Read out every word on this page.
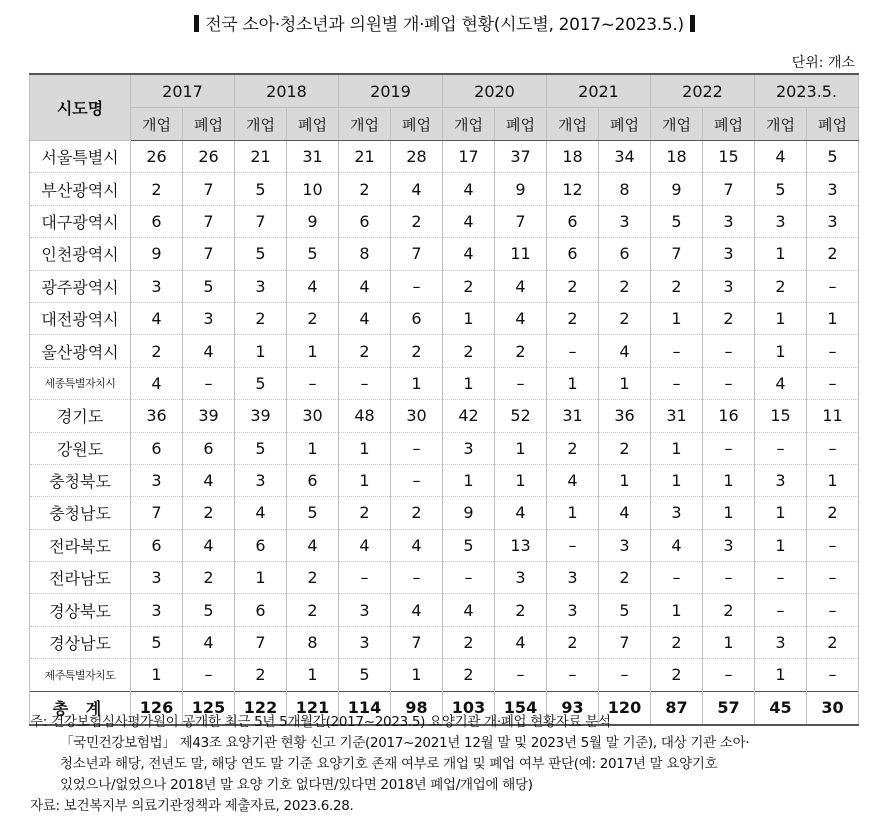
전국 소아·청소년과 의원별 개·폐업 현황(시도별, 2017~2023.5.)
단위: 개소
시도명	2017		2018		2019		2020		2021		2022		2023.5.	
	개업	폐업	개업	폐업	개업	폐업	개업	폐업	개업	폐업	개업	폐업	개업	폐업
서울특별시	26	26	21	31	21	28	17	37	18	34	18	15	4	5
부산광역시	2	7	5	10	2	4	4	9	12	8	9	7	5	3
대구광역시	6	7	7	9	6	2	4	7	6	3	5	3	3	3
인천광역시	9	7	5	5	8	7	4	11	6	6	7	3	1	2
광주광역시	3	5	3	4	4	–	2	4	2	2	2	3	2	–
대전광역시	4	3	2	2	4	6	1	4	2	2	1	2	1	1
울산광역시	2	4	1	1	2	2	2	2	–	4	–	–	1	–
세종특별자치시	4	–	5	–	–	1	1	–	1	1	–	–	4	–
경기도	36	39	39	30	48	30	42	52	31	36	31	16	15	11
강원도	6	6	5	1	1	–	3	1	2	2	1	–	–	–
충청북도	3	4	3	6	1	–	1	1	4	1	1	1	3	1
충청남도	7	2	4	5	2	2	9	4	1	4	3	1	1	2
전라북도	6	4	6	4	4	4	5	13	–	3	4	3	1	–
전라남도	3	2	1	2	–	–	–	3	3	2	–	–	–	–
경상북도	3	5	6	2	3	4	4	2	3	5	1	2	–	–
경상남도	5	4	7	8	3	7	2	4	2	7	2	1	3	2
제주특별자치도	1	–	2	1	5	1	2	–	–	–	2	–	1	–
총 계	126	125	122	121	114	98	103	154	93	120	87	57	45	30
주: 건강보험심사평가원이 공개한 최근 5년 5개월간(2017~2023.5) 요양기관 개·폐업 현황자료 분석
「국민건강보험법」 제43조 요양기관 현황 신고 기준(2017~2021년 12월 말 및 2023년 5월 말 기준), 대상 기관 소아·
청소년과 해당, 전년도 말, 해당 연도 말 기준 요양기호 존재 여부로 개업 및 폐업 여부 판단(예: 2017년 말 요양기호
있었으나/없었으나 2018년 말 요양 기호 없다면/있다면 2018년 폐업/개업에 해당)
자료: 보건복지부 의료기관정책과 제출자료, 2023.6.28.
